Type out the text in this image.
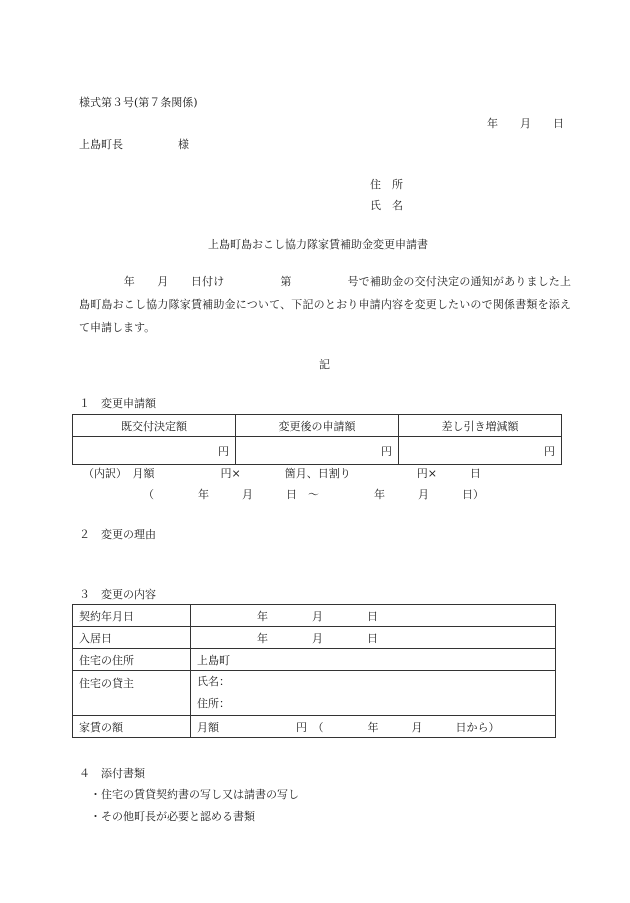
様式第３号(第７条関係)
年　　月　　日
上島町長　　　　　様
住　所
氏　名
上島町島おこし協力隊家賃補助金変更申請書
　　　　年　　月　　日付け　　　　　第　　　　　号で補助金の交付決定の通知がありました上島町島おこし協力隊家賃補助金について、下記のとおり申請内容を変更したいので関係書類を添えて申請します。
記
１　変更申請額
既交付決定額	変更後の申請額	差し引き増減額
円	円	円
（内訳）　月額　　　　　　円×　　　　箇月、日割り　　　　　　円×　　　日
（　　　　年　　　月　　　日　～　　　　　年　　　月　　　日）
２　変更の理由
３　変更の内容
契約年月日	年　　　　月　　　　日
入居日	年　　　　月　　　　日
住宅の住所	上島町
住宅の貸主	氏名：
住所：

家賃の額	月額　　　　　　　円　（　　　　年　　　月　　　日から）
４　添付書類
・住宅の賃貸契約書の写し又は請書の写し
・その他町長が必要と認める書類
